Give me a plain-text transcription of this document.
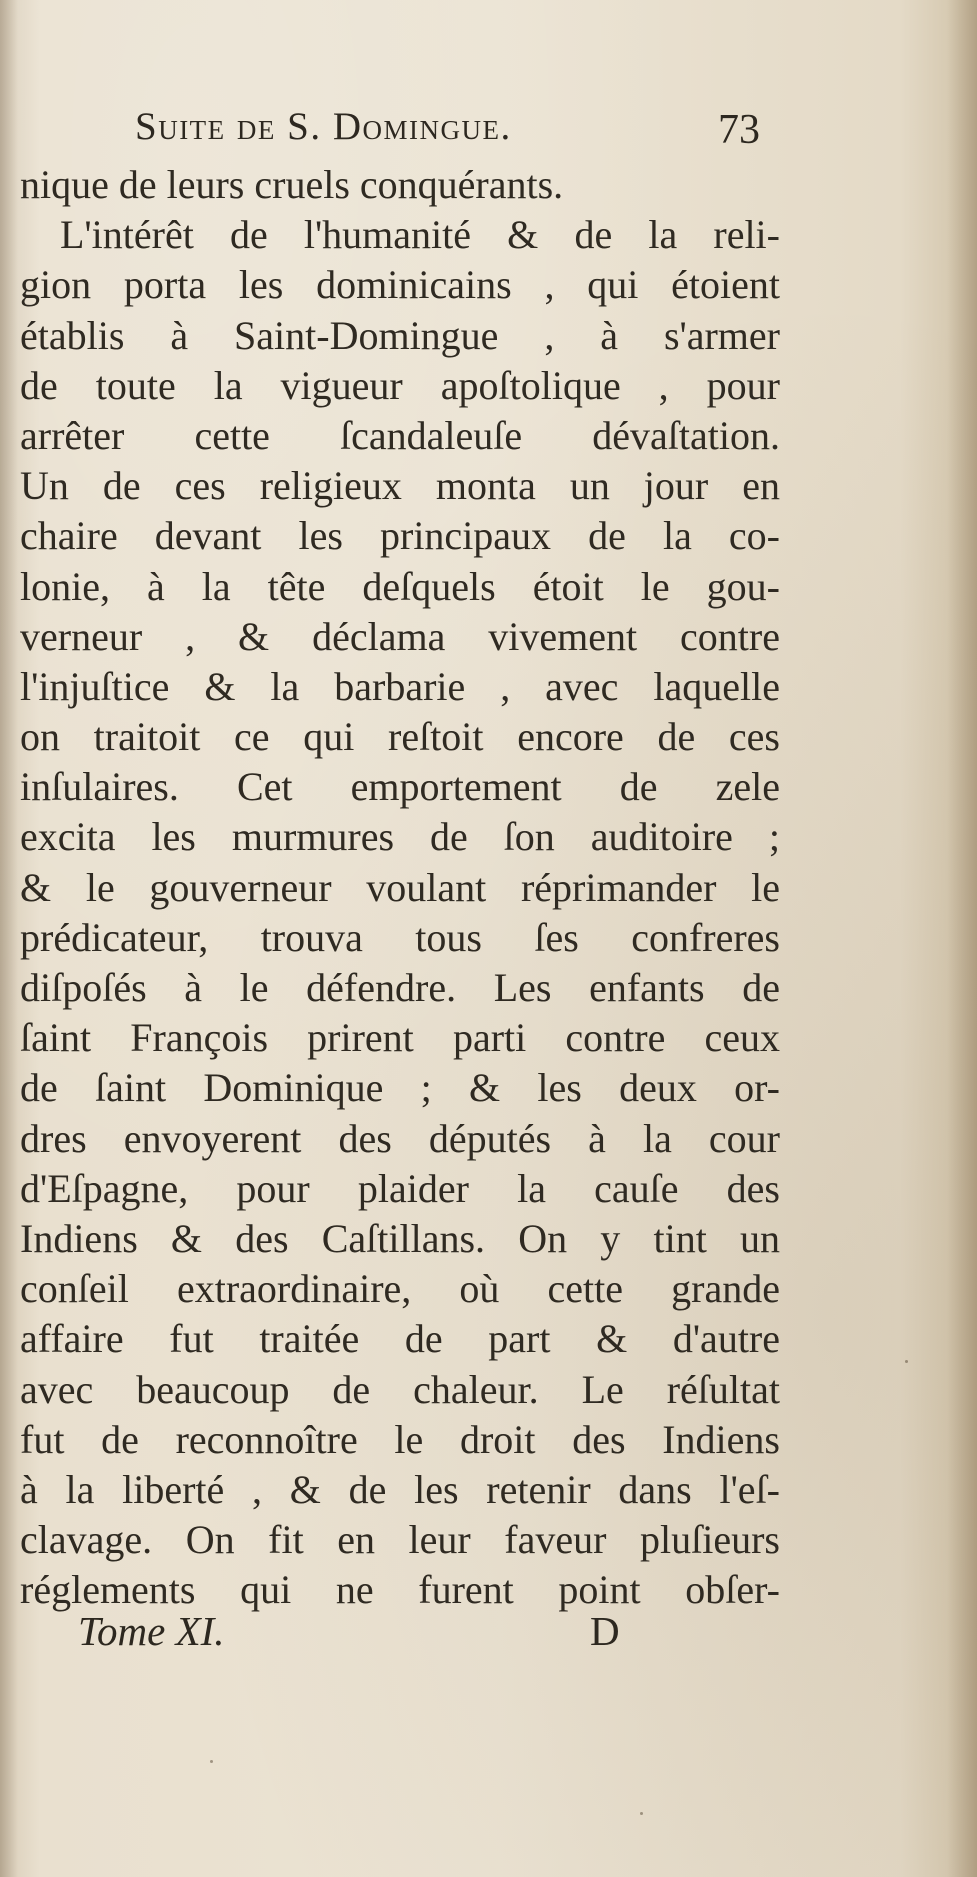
Suite de S. Domingue.	73
nique de leurs cruels conquérants.
L'intérêt de l'humanité & de la reli-
gion porta les dominicains , qui étoient
établis à Saint-Domingue , à s'armer
de toute la vigueur apoſtolique , pour
arrêter cette ſcandaleuſe dévaſtation.
Un de ces religieux monta un jour en
chaire devant les principaux de la co-
lonie, à la tête deſquels étoit le gou-
verneur , & déclama vivement contre
l'injuſtice & la barbarie , avec laquelle
on traitoit ce qui reſtoit encore de ces
inſulaires. Cet emportement de zele
excita les murmures de ſon auditoire ;
& le gouverneur voulant réprimander le
prédicateur, trouva tous ſes confreres
diſpoſés à le défendre. Les enfants de
ſaint François prirent parti contre ceux
de ſaint Dominique ; & les deux or-
dres envoyerent des députés à la cour
d'Eſpagne, pour plaider la cauſe des
Indiens & des Caſtillans. On y tint un
conſeil extraordinaire, où cette grande
affaire fut traitée de part & d'autre
avec beaucoup de chaleur. Le réſultat
fut de reconnoître le droit des Indiens
à la liberté , & de les retenir dans l'eſ-
clavage. On fit en leur faveur pluſieurs
réglements qui ne furent point obſer-
Tome XI.	D
